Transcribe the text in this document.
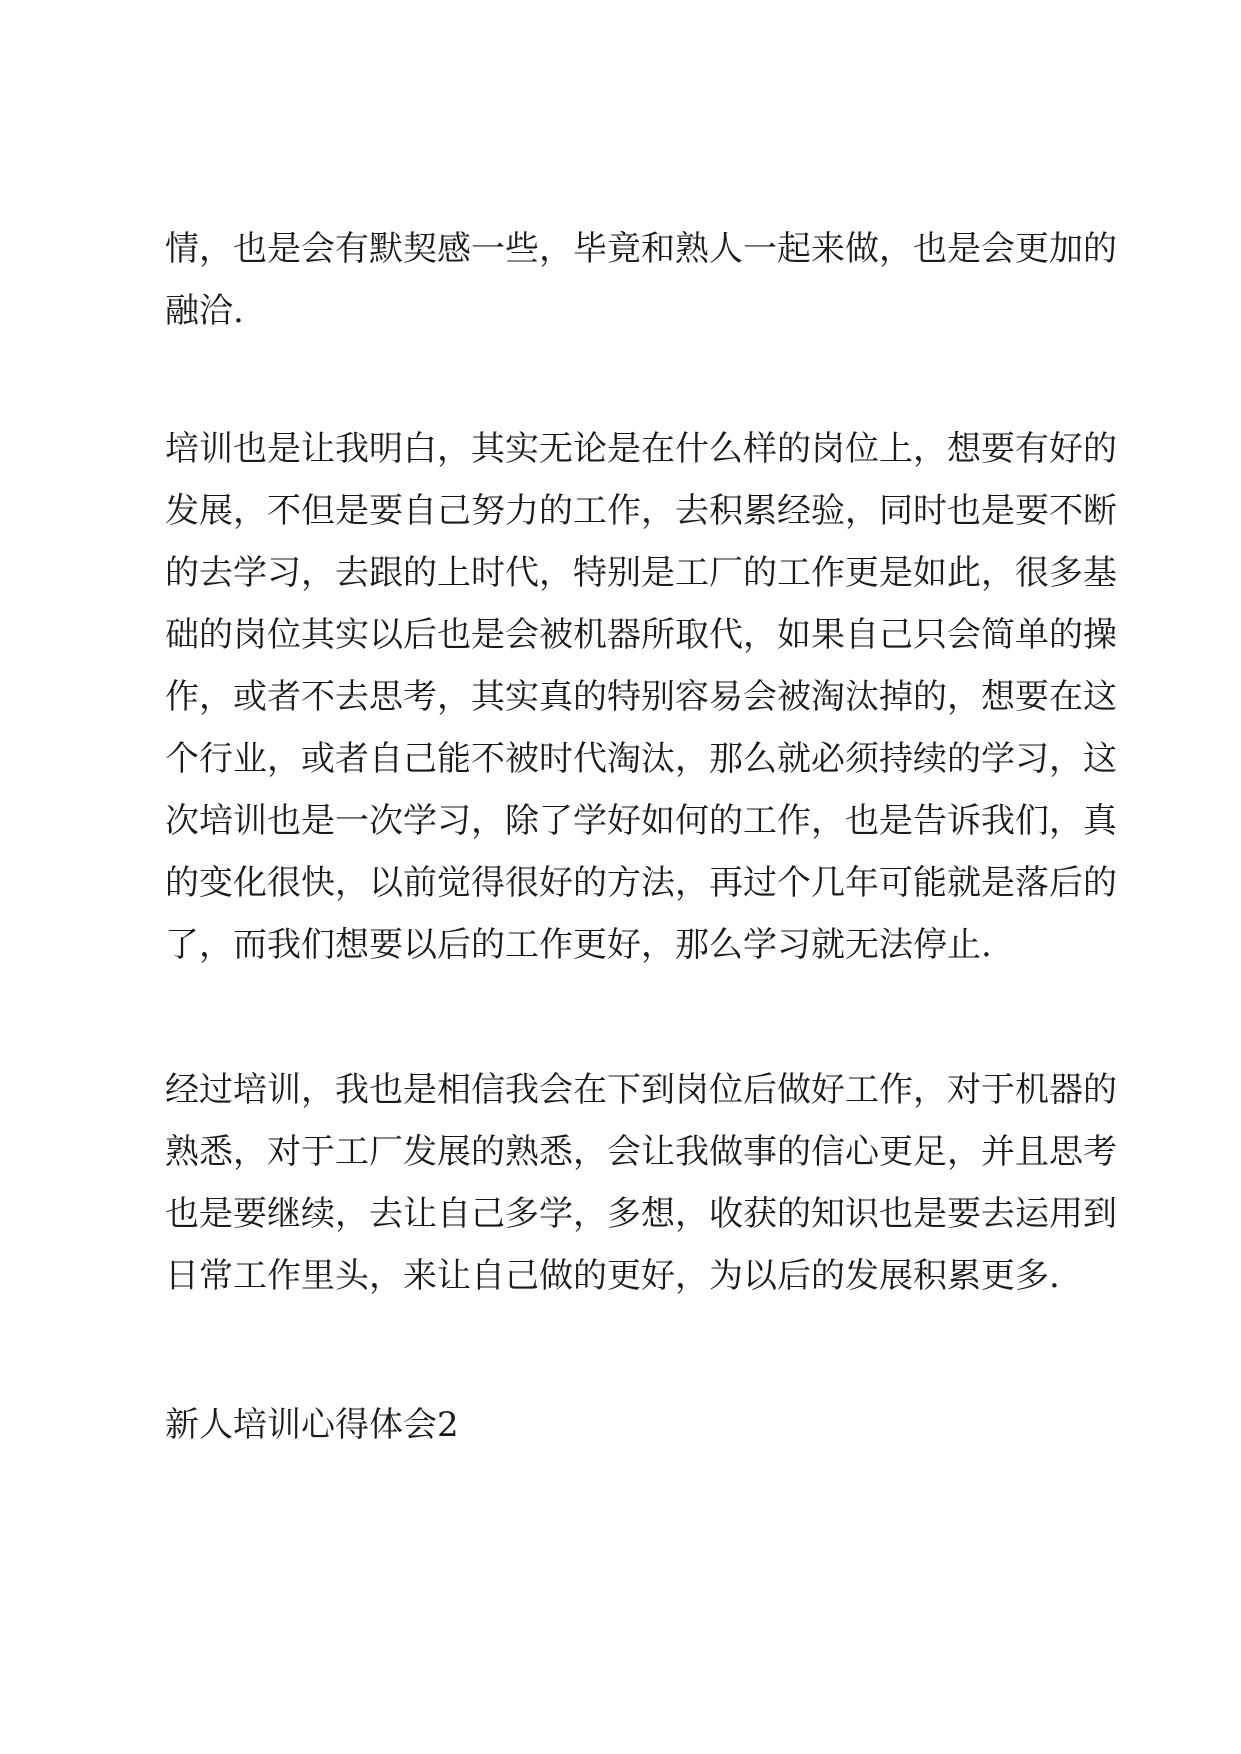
情，也是会有默契感一些，毕竟和熟人一起来做，也是会更加的
融洽.

培训也是让我明白，其实无论是在什么样的岗位上，想要有好的
发展，不但是要自己努力的工作，去积累经验，同时也是要不断
的去学习，去跟的上时代，特别是工厂的工作更是如此，很多基
础的岗位其实以后也是会被机器所取代，如果自己只会简单的操
作，或者不去思考，其实真的特别容易会被淘汰掉的，想要在这
个行业，或者自己能不被时代淘汰，那么就必须持续的学习，这
次培训也是一次学习，除了学好如何的工作，也是告诉我们，真
的变化很快，以前觉得很好的方法，再过个几年可能就是落后的
了，而我们想要以后的工作更好，那么学习就无法停止.

经过培训，我也是相信我会在下到岗位后做好工作，对于机器的
熟悉，对于工厂发展的熟悉，会让我做事的信心更足，并且思考
也是要继续，去让自己多学，多想，收获的知识也是要去运用到
日常工作里头，来让自己做的更好，为以后的发展积累更多.

新人培训心得体会2
